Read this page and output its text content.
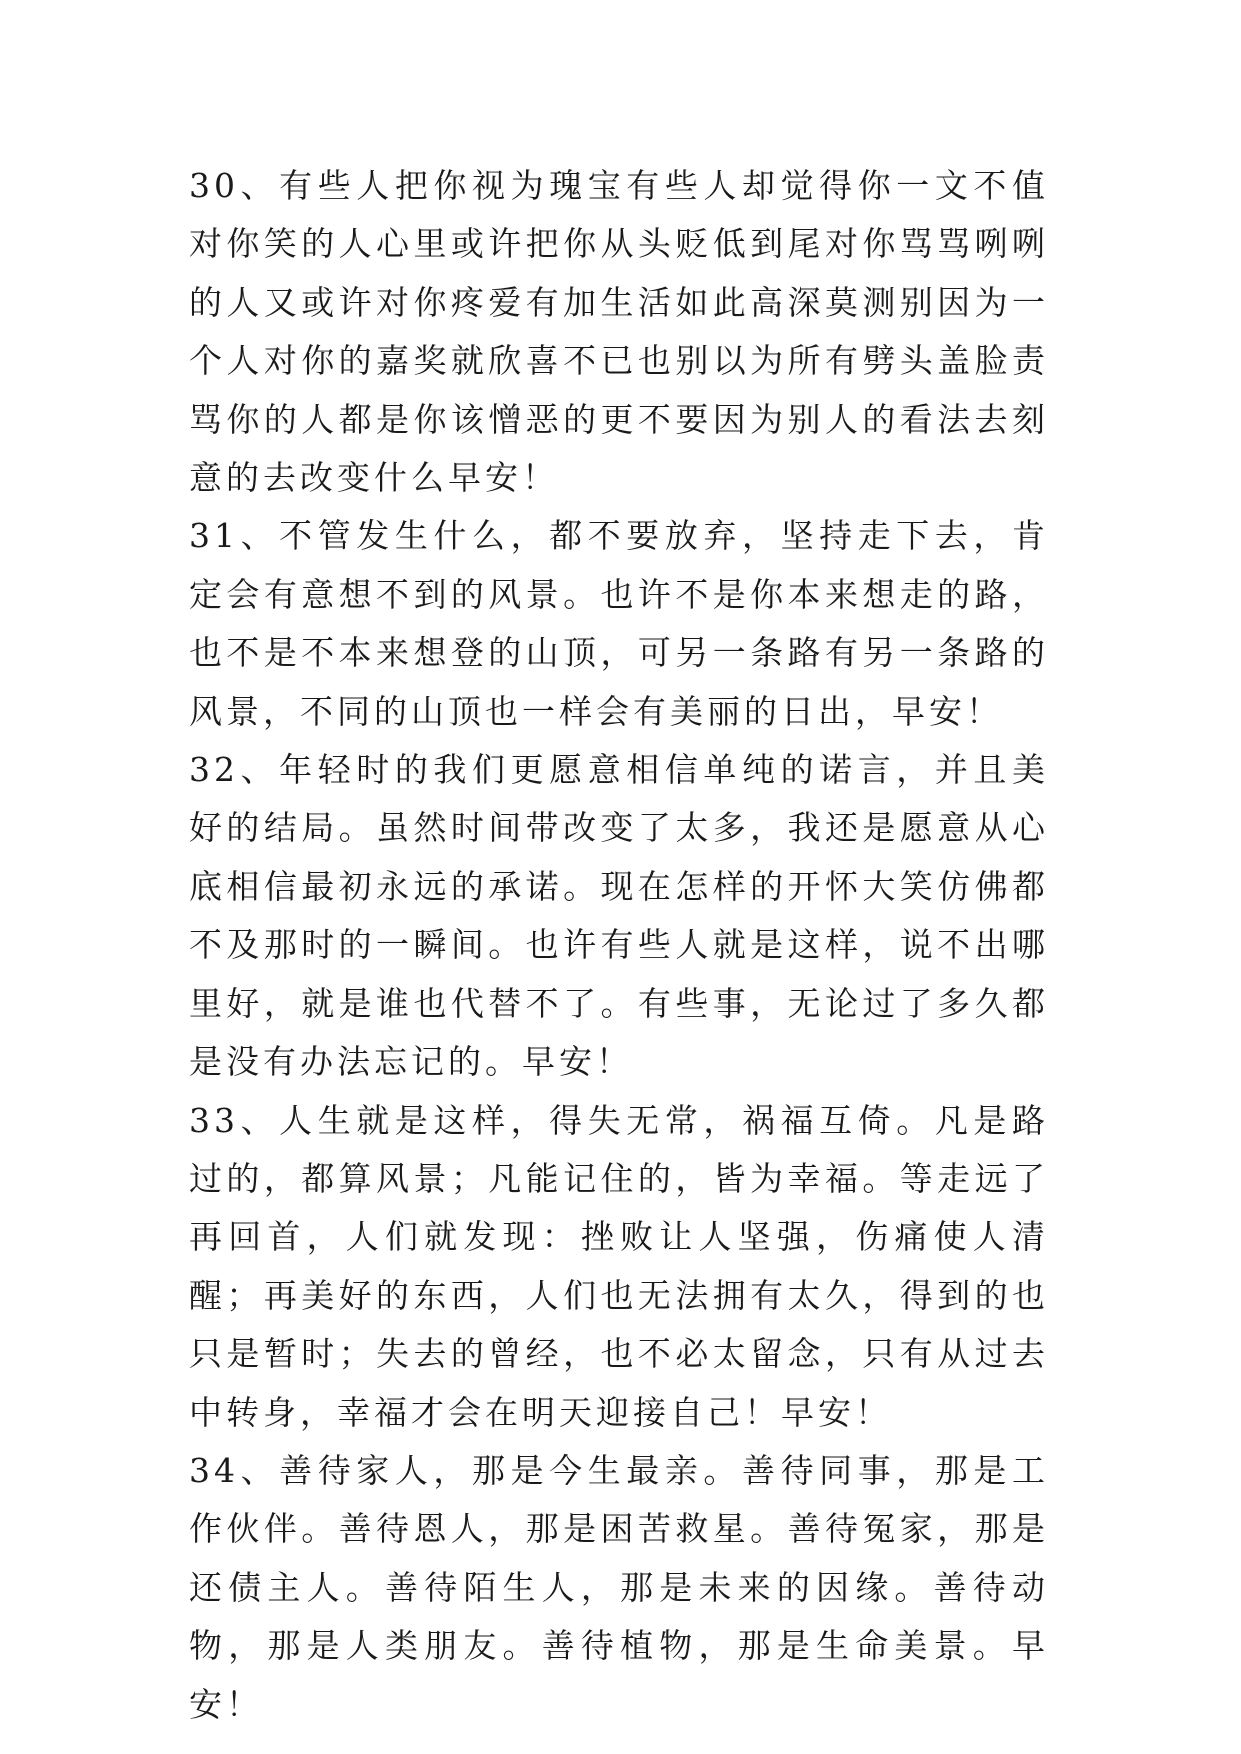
30、有些人把你视为瑰宝有些人却觉得你一文不值对你笑的人心里或许把你从头贬低到尾对你骂骂咧咧的人又或许对你疼爱有加生活如此高深莫测别因为一个人对你的嘉奖就欣喜不已也别以为所有劈头盖脸责骂你的人都是你该憎恶的更不要因为别人的看法去刻意的去改变什么早安！

31、不管发生什么，都不要放弃，坚持走下去，肯定会有意想不到的风景。也许不是你本来想走的路，也不是不本来想登的山顶，可另一条路有另一条路的风景，不同的山顶也一样会有美丽的日出，早安！

32、年轻时的我们更愿意相信单纯的诺言，并且美好的结局。虽然时间带改变了太多，我还是愿意从心底相信最初永远的承诺。现在怎样的开怀大笑仿佛都不及那时的一瞬间。也许有些人就是这样，说不出哪里好，就是谁也代替不了。有些事，无论过了多久都是没有办法忘记的。早安！

33、人生就是这样，得失无常，祸福互倚。凡是路过的，都算风景；凡能记住的，皆为幸福。等走远了再回首，人们就发现：挫败让人坚强，伤痛使人清醒；再美好的东西，人们也无法拥有太久，得到的也只是暂时；失去的曾经，也不必太留念，只有从过去中转身，幸福才会在明天迎接自己！早安！

34、善待家人，那是今生最亲。善待同事，那是工作伙伴。善待恩人，那是困苦救星。善待冤家，那是还债主人。善待陌生人，那是未来的因缘。善待动物，那是人类朋友。善待植物，那是生命美景。早安！
